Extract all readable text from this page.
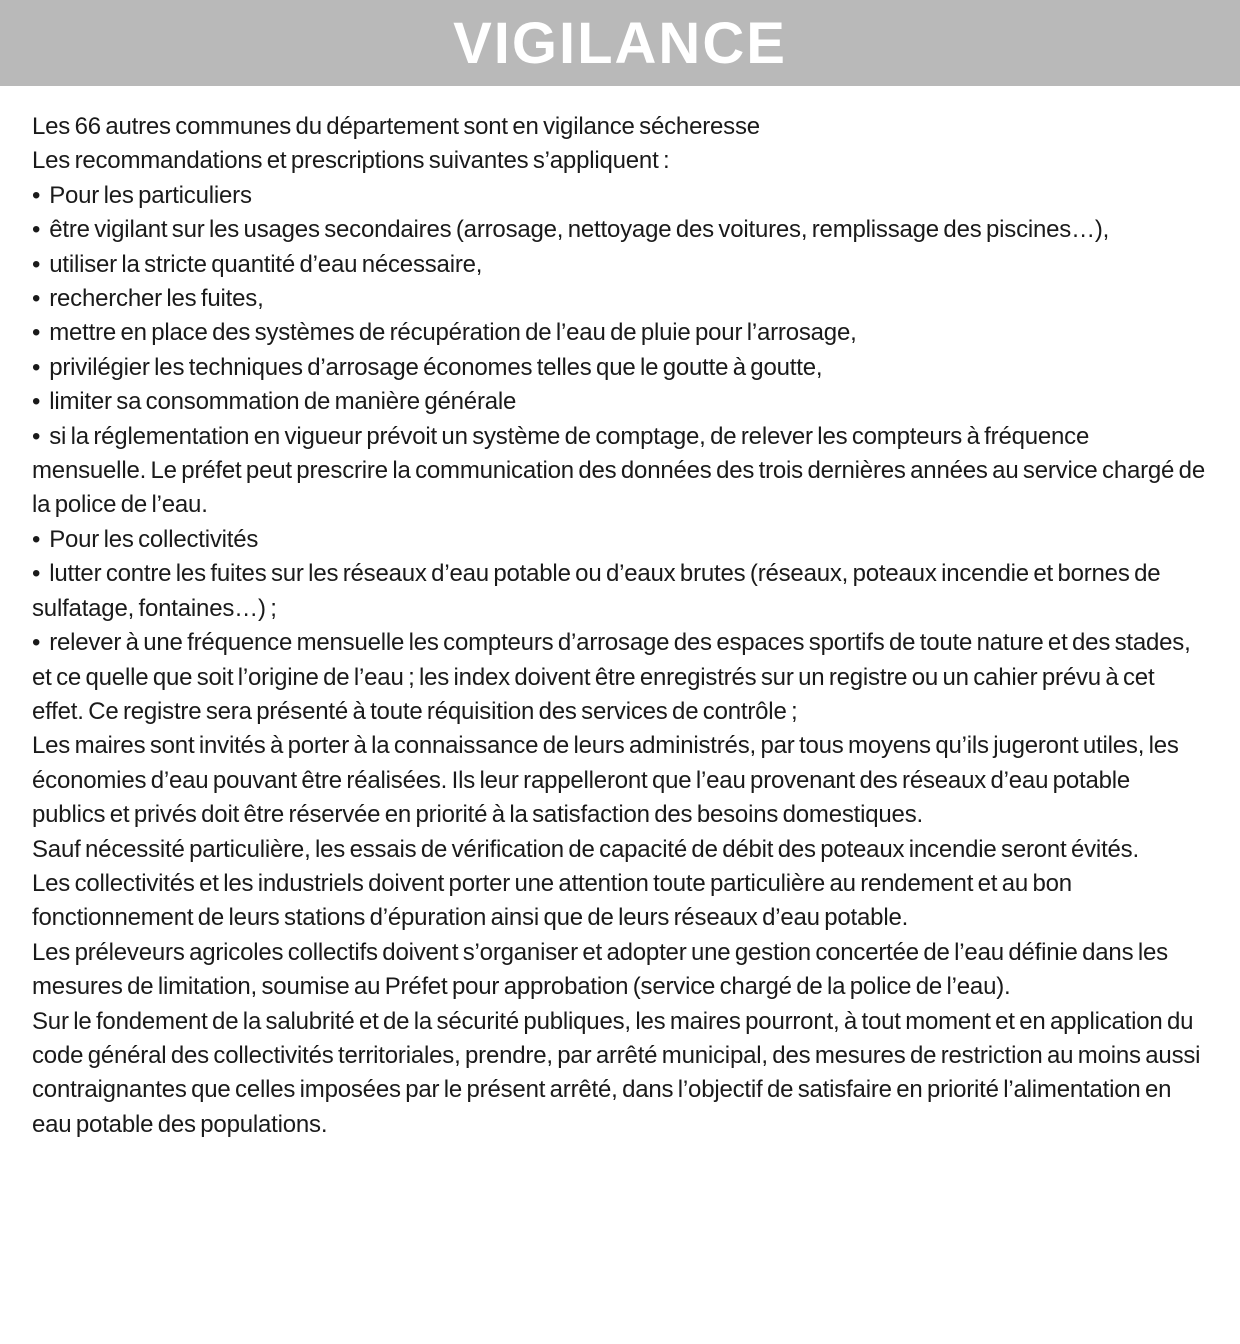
VIGILANCE
Les 66 autres communes du département sont en vigilance sécheresse
Les recommandations et prescriptions suivantes s’appliquent :
• Pour les particuliers
• être vigilant sur les usages secondaires (arrosage, nettoyage des voitures, remplissage des piscines…),
• utiliser la stricte quantité d’eau nécessaire,
• rechercher les fuites,
• mettre en place des systèmes de récupération de l’eau de pluie pour l’arrosage,
• privilégier les techniques d’arrosage économes telles que le goutte à goutte,
• limiter sa consommation de manière générale
• si la réglementation en vigueur prévoit un système de comptage, de relever les compteurs à fréquence mensuelle. Le préfet peut prescrire la communication des données des trois dernières années au service chargé de la police de l’eau.
• Pour les collectivités
• lutter contre les fuites sur les réseaux d’eau potable ou d’eaux brutes (réseaux, poteaux incendie et bornes de sulfatage, fontaines…) ;
• relever à une fréquence mensuelle les compteurs d’arrosage des espaces sportifs de toute nature et des stades, et ce quelle que soit l’origine de l’eau ; les index doivent être enregistrés sur un registre ou un cahier prévu à cet effet. Ce registre sera présenté à toute réquisition des services de contrôle ;
Les maires sont invités à porter à la connaissance de leurs administrés, par tous moyens qu’ils jugeront utiles, les économies d’eau pouvant être réalisées. Ils leur rappelleront que l’eau provenant des réseaux d’eau potable publics et privés doit être réservée en priorité à la satisfaction des besoins domestiques.
Sauf nécessité particulière, les essais de vérification de capacité de débit des poteaux incendie seront évités.
Les collectivités et les industriels doivent porter une attention toute particulière au rendement et au bon fonctionnement de leurs stations d’épuration ainsi que de leurs réseaux d’eau potable.
Les préleveurs agricoles collectifs doivent s’organiser et adopter une gestion concertée de l’eau définie dans les mesures de limitation, soumise au Préfet pour approbation (service chargé de la police de l’eau).
Sur le fondement de la salubrité et de la sécurité publiques, les maires pourront, à tout moment et en application du code général des collectivités territoriales, prendre, par arrêté municipal, des mesures de restriction au moins aussi contraignantes que celles imposées par le présent arrêté, dans l’objectif de satisfaire en priorité l’alimentation en eau potable des populations.
